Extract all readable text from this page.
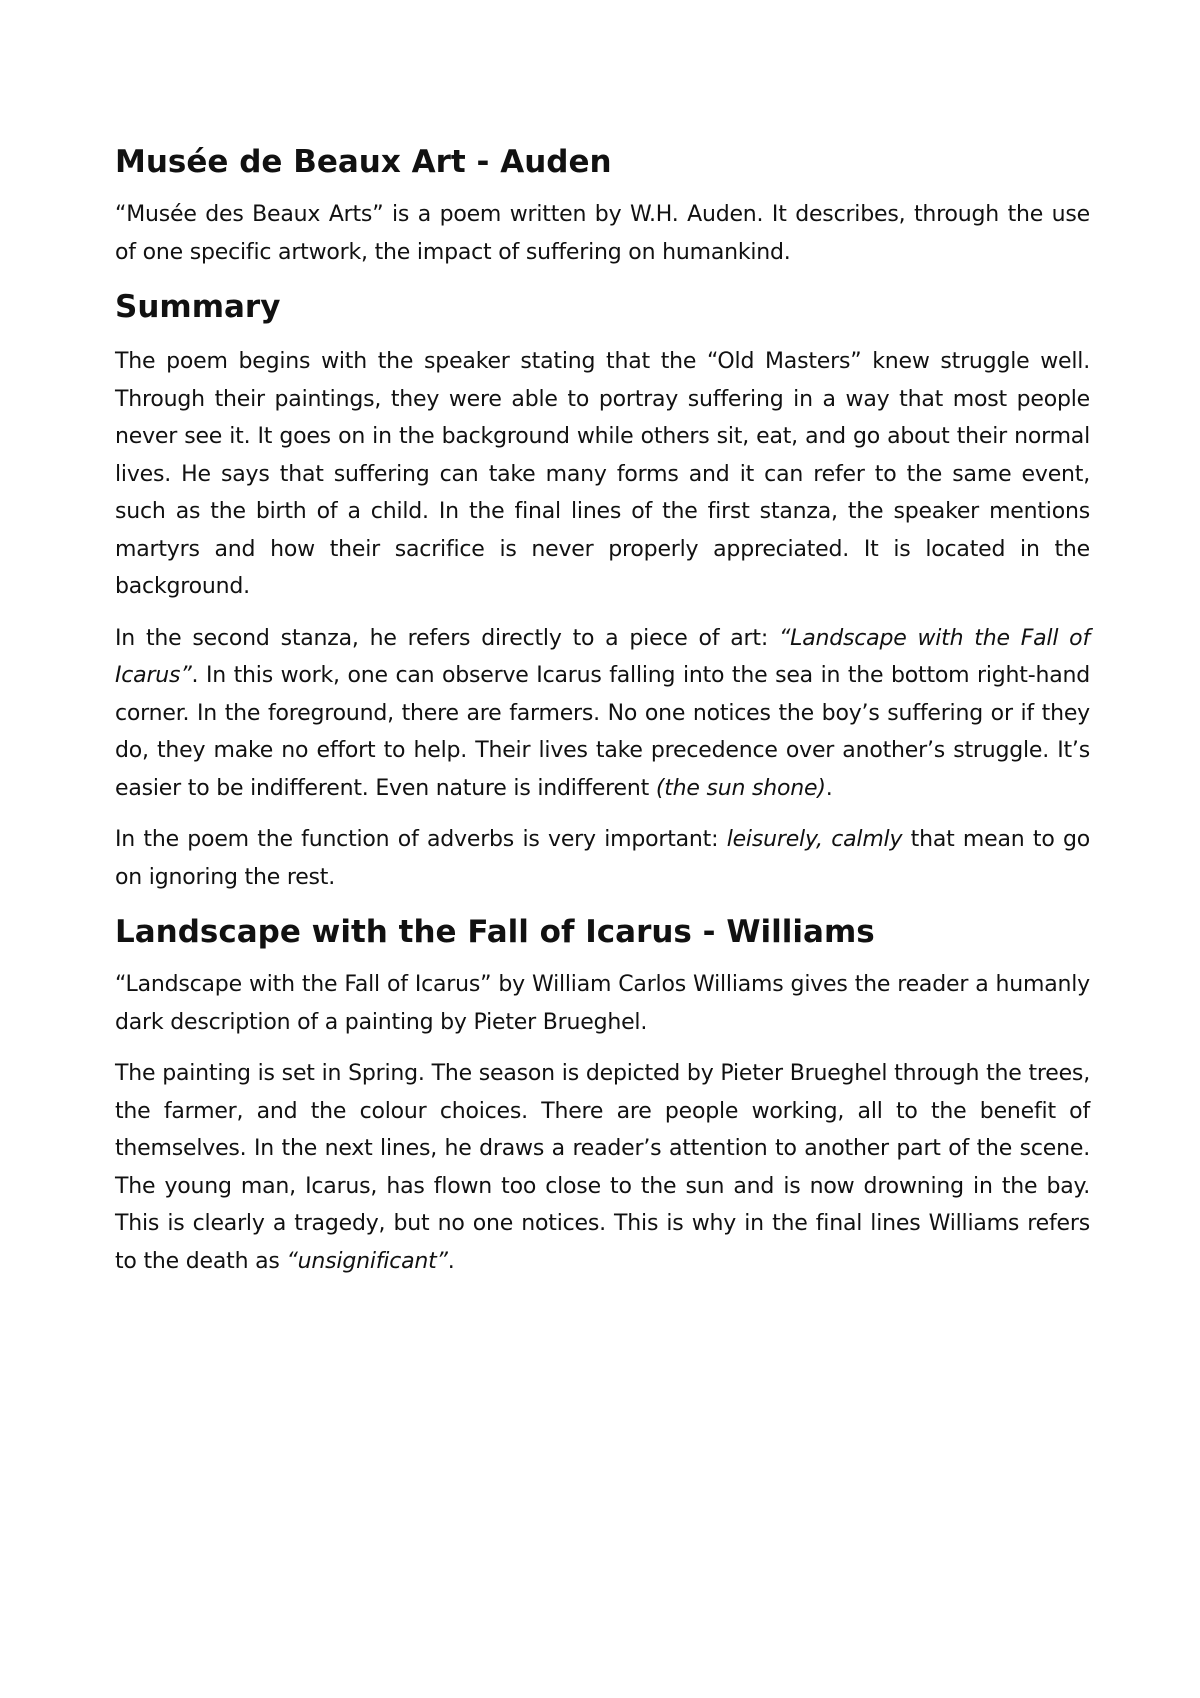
Musée de Beaux Art - Auden

“Musée des Beaux Arts” is a poem written by W.H. Auden. It describes, through the use of one specific artwork, the impact of suffering on humankind.

Summary

The poem begins with the speaker stating that the “Old Masters” knew struggle well. Through their paintings, they were able to portray suffering in a way that most people never see it. It goes on in the background while others sit, eat, and go about their normal lives. He says that suffering can take many forms and it can refer to the same event, such as the birth of a child. In the final lines of the first stanza, the speaker mentions martyrs and how their sacrifice is never properly appreciated. It is located in the background.

In the second stanza, he refers directly to a piece of art: “Landscape with the Fall of Icarus”. In this work, one can observe Icarus falling into the sea in the bottom right-hand corner. In the foreground, there are farmers. No one notices the boy’s suffering or if they do, they make no effort to help. Their lives take precedence over another’s struggle. It’s easier to be indifferent. Even nature is indifferent (the sun shone).

In the poem the function of adverbs is very important: leisurely, calmly that mean to go on ignoring the rest.

Landscape with the Fall of Icarus - Williams

“Landscape with the Fall of Icarus” by William Carlos Williams gives the reader a humanly dark description of a painting by Pieter Brueghel.

The painting is set in Spring. The season is depicted by Pieter Brueghel through the trees, the farmer, and the colour choices. There are people working, all to the benefit of themselves. In the next lines, he draws a reader’s attention to another part of the scene. The young man, Icarus, has flown too close to the sun and is now drowning in the bay. This is clearly a tragedy, but no one notices. This is why in the final lines Williams refers to the death as “unsignificant”.
